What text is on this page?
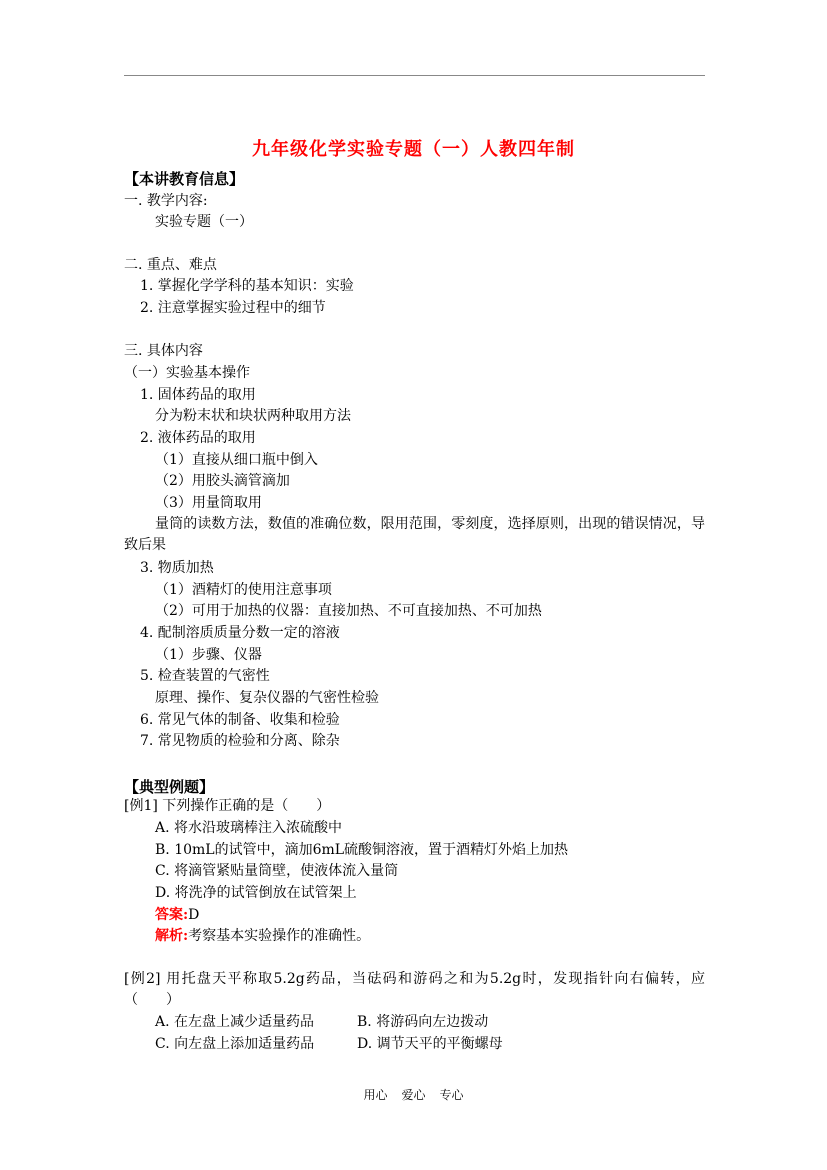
九年级化学实验专题（一）人教四年制
【本讲教育信息】
一. 教学内容:
实验专题（一）
二. 重点、难点
1. 掌握化学学科的基本知识：实验
2. 注意掌握实验过程中的细节
三. 具体内容
（一）实验基本操作
1. 固体药品的取用
分为粉末状和块状两种取用方法
2. 液体药品的取用
（1）直接从细口瓶中倒入
（2）用胶头滴管滴加
（3）用量筒取用
量筒的读数方法，数值的准确位数，限用范围，零刻度，选择原则，出现的错误情况，导致后果
3. 物质加热
（1）酒精灯的使用注意事项
（2）可用于加热的仪器：直接加热、不可直接加热、不可加热
4. 配制溶质质量分数一定的溶液
（1）步骤、仪器
5. 检查装置的气密性
原理、操作、复杂仪器的气密性检验
6. 常见气体的制备、收集和检验
7. 常见物质的检验和分离、除杂
【典型例题】
[例1] 下列操作正确的是（　　）
A. 将水沿玻璃棒注入浓硫酸中
B. 10mL的试管中，滴加6mL硫酸铜溶液，置于酒精灯外焰上加热
C. 将滴管紧贴量筒壁，使液体流入量筒
D. 将洗净的试管倒放在试管架上
答案:D
解析:考察基本实验操作的准确性。
[例2] 用托盘天平称取5.2g药品，当砝码和游码之和为5.2g时，发现指针向右偏转，应（　　）
A. 在左盘上减少适量药品	B. 将游码向左边拨动
C. 向左盘上添加适量药品	D. 调节天平的平衡螺母
用心 爱心 专心
